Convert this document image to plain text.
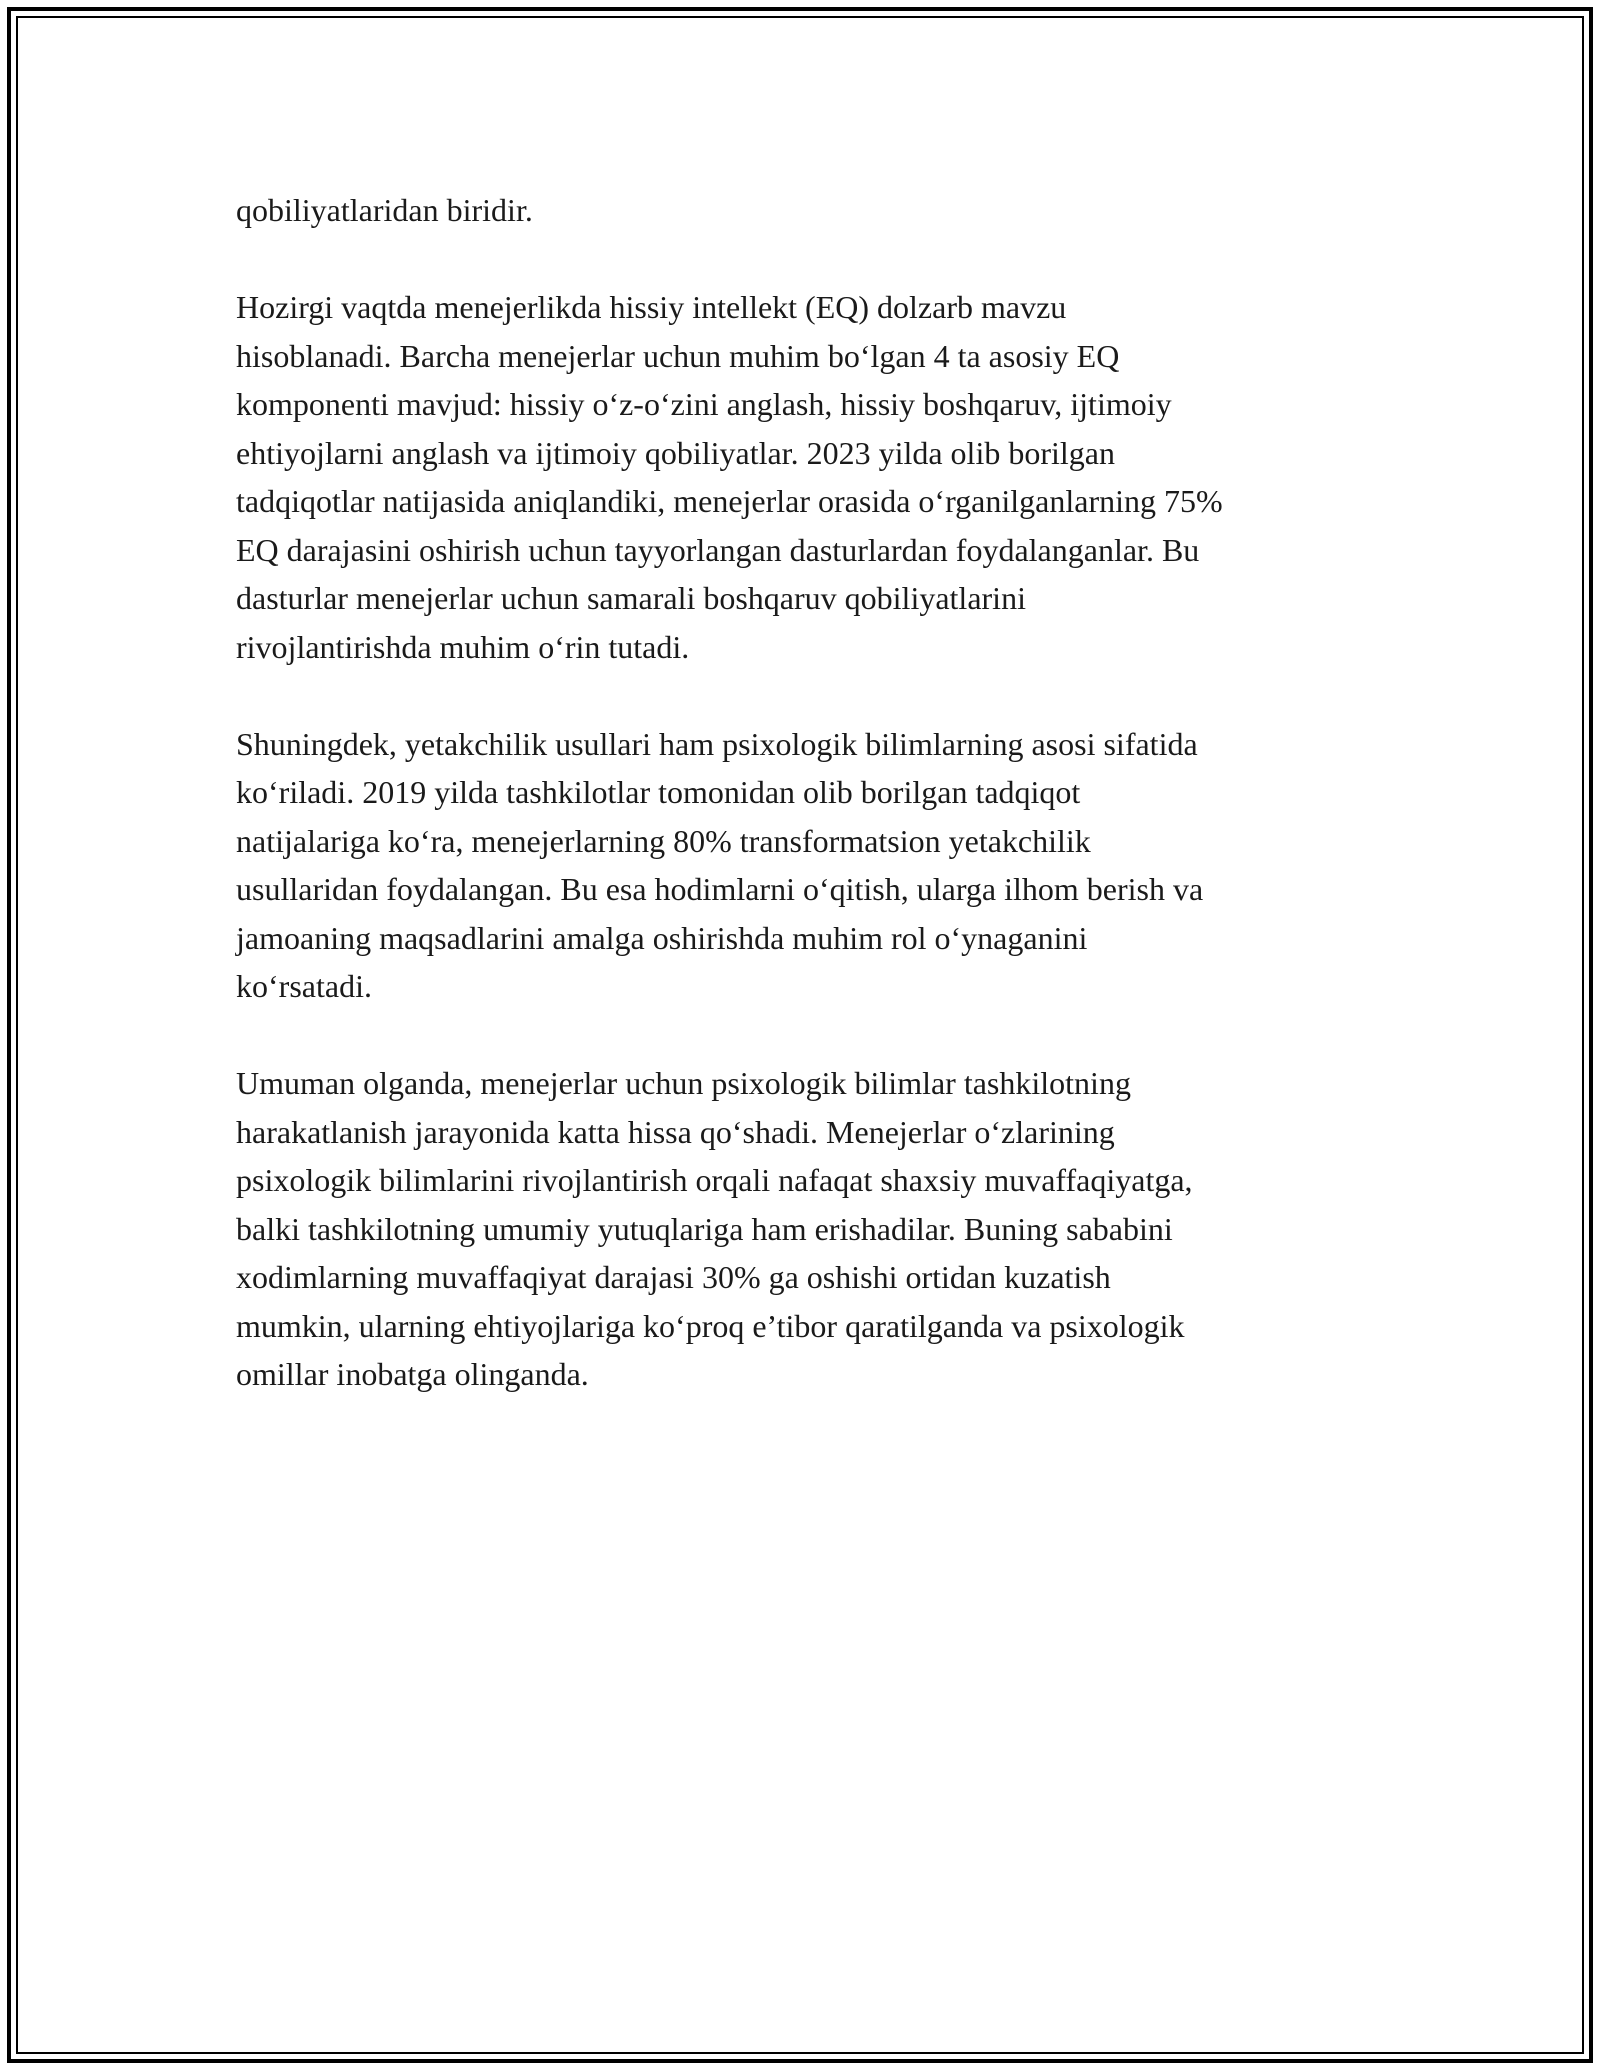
qobiliyatlaridan biridir.

Hozirgi vaqtda menejerlikda hissiy intellekt (EQ) dolzarb mavzu
hisoblanadi. Barcha menejerlar uchun muhim bo‘lgan 4 ta asosiy EQ
komponenti mavjud: hissiy o‘z-o‘zini anglash, hissiy boshqaruv, ijtimoiy
ehtiyojlarni anglash va ijtimoiy qobiliyatlar. 2023 yilda olib borilgan
tadqiqotlar natijasida aniqlandiki, menejerlar orasida o‘rganilganlarning 75%
EQ darajasini oshirish uchun tayyorlangan dasturlardan foydalanganlar. Bu
dasturlar menejerlar uchun samarali boshqaruv qobiliyatlarini
rivojlantirishda muhim o‘rin tutadi.

Shuningdek, yetakchilik usullari ham psixologik bilimlarning asosi sifatida
ko‘riladi. 2019 yilda tashkilotlar tomonidan olib borilgan tadqiqot
natijalariga ko‘ra, menejerlarning 80% transformatsion yetakchilik
usullaridan foydalangan. Bu esa hodimlarni o‘qitish, ularga ilhom berish va
jamoaning maqsadlarini amalga oshirishda muhim rol o‘ynaganini
ko‘rsatadi.

Umuman olganda, menejerlar uchun psixologik bilimlar tashkilotning
harakatlanish jarayonida katta hissa qo‘shadi. Menejerlar o‘zlarining
psixologik bilimlarini rivojlantirish orqali nafaqat shaxsiy muvaffaqiyatga,
balki tashkilotning umumiy yutuqlariga ham erishadilar. Buning sababini
xodimlarning muvaffaqiyat darajasi 30% ga oshishi ortidan kuzatish
mumkin, ularning ehtiyojlariga ko‘proq e’tibor qaratilganda va psixologik
omillar inobatga olinganda.
